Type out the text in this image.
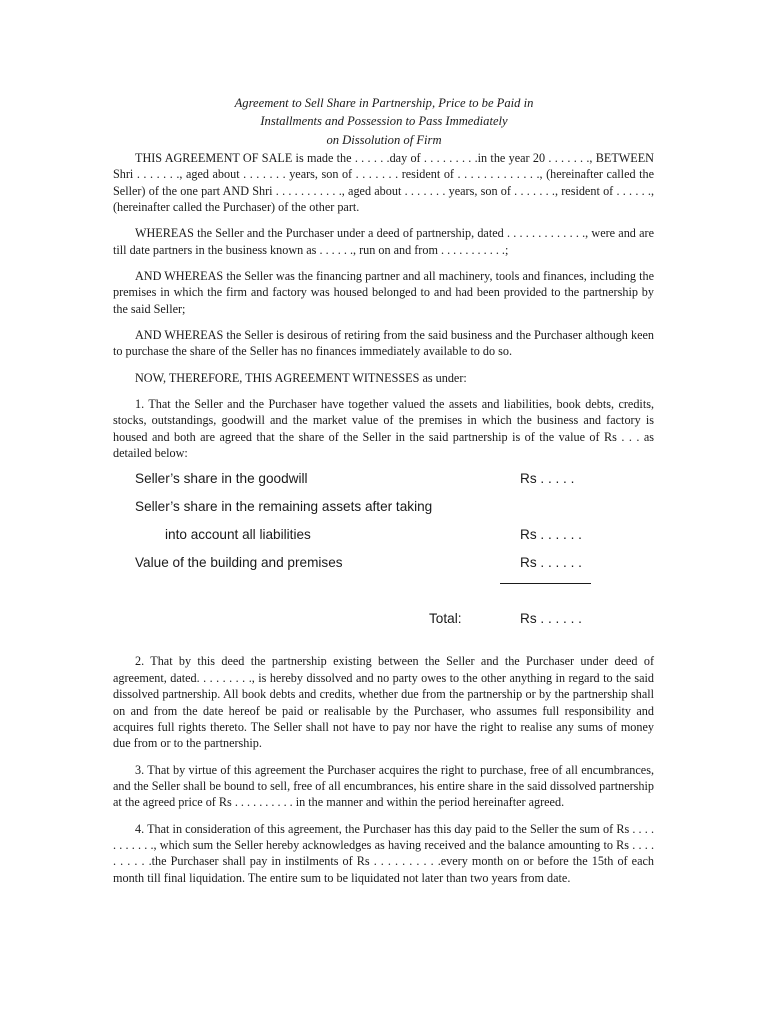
Agreement to Sell Share in Partnership, Price to be Paid in
Installments and Possession to Pass Immediately
on Dissolution of Firm

THIS AGREEMENT OF SALE is made the . . . . . .day of . . . . . . . . .in the year 20 . . . . . . ., BETWEEN Shri . . . . . . ., aged about . . . . . . . years, son of . . . . . . . resident of . . . . . . . . . . . . ., (hereinafter called the Seller) of the one part AND Shri . . . . . . . . . . ., aged about . . . . . . . years, son of . . . . . . ., resident of . . . . . ., (hereinafter called the Purchaser) of the other part.

WHEREAS the Seller and the Purchaser under a deed of partnership, dated . . . . . . . . . . . . ., were and are till date partners in the business known as . . . . . ., run on and from . . . . . . . . . . .;

AND WHEREAS the Seller was the financing partner and all machinery, tools and finances, including the premises in which the firm and factory was housed belonged to and had been provided to the partnership by the said Seller;

AND WHEREAS the Seller is desirous of retiring from the said business and the Purchaser although keen to purchase the share of the Seller has no finances immediately available to do so.

NOW, THEREFORE, THIS AGREEMENT WITNESSES as under:

1. That the Seller and the Purchaser have together valued the assets and liabilities, book debts, credits, stocks, outstandings, goodwill and the market value of the premises in which the business and factory is housed and both are agreed that the share of the Seller in the said partnership is of the value of Rs . . . as detailed below:

Seller’s share in the goodwill	Rs . . . . .
Seller’s share in the remaining assets after taking
into account all liabilities	Rs . . . . . .
Value of the building and premises	Rs . . . . . .
Total:	Rs . . . . . .

2. That by this deed the partnership existing between the Seller and the Purchaser under deed of agreement, dated. . . . . . . . ., is hereby dissolved and no party owes to the other anything in regard to the said dissolved partnership. All book debts and credits, whether due from the partnership or by the partnership shall on and from the date hereof be paid or realisable by the Purchaser, who assumes full responsibility and acquires full rights thereto. The Seller shall not have to pay nor have the right to realise any sums of money due from or to the partnership.

3. That by virtue of this agreement the Purchaser acquires the right to purchase, free of all encumbrances, and the Seller shall be bound to sell, free of all encumbrances, his entire share in the said dissolved partnership at the agreed price of Rs . . . . . . . . . . in the manner and within the period hereinafter agreed.

4. That in consideration of this agreement, the Purchaser has this day paid to the Seller the sum of Rs . . . . . . . . . . ., which sum the Seller hereby acknowledges as having received and the balance amounting to Rs . . . . . . . . . .the Purchaser shall pay in instilments of Rs . . . . . . . . . .every month on or before the 15th of each month till final liquidation. The entire sum to be liquidated not later than two years from date.
